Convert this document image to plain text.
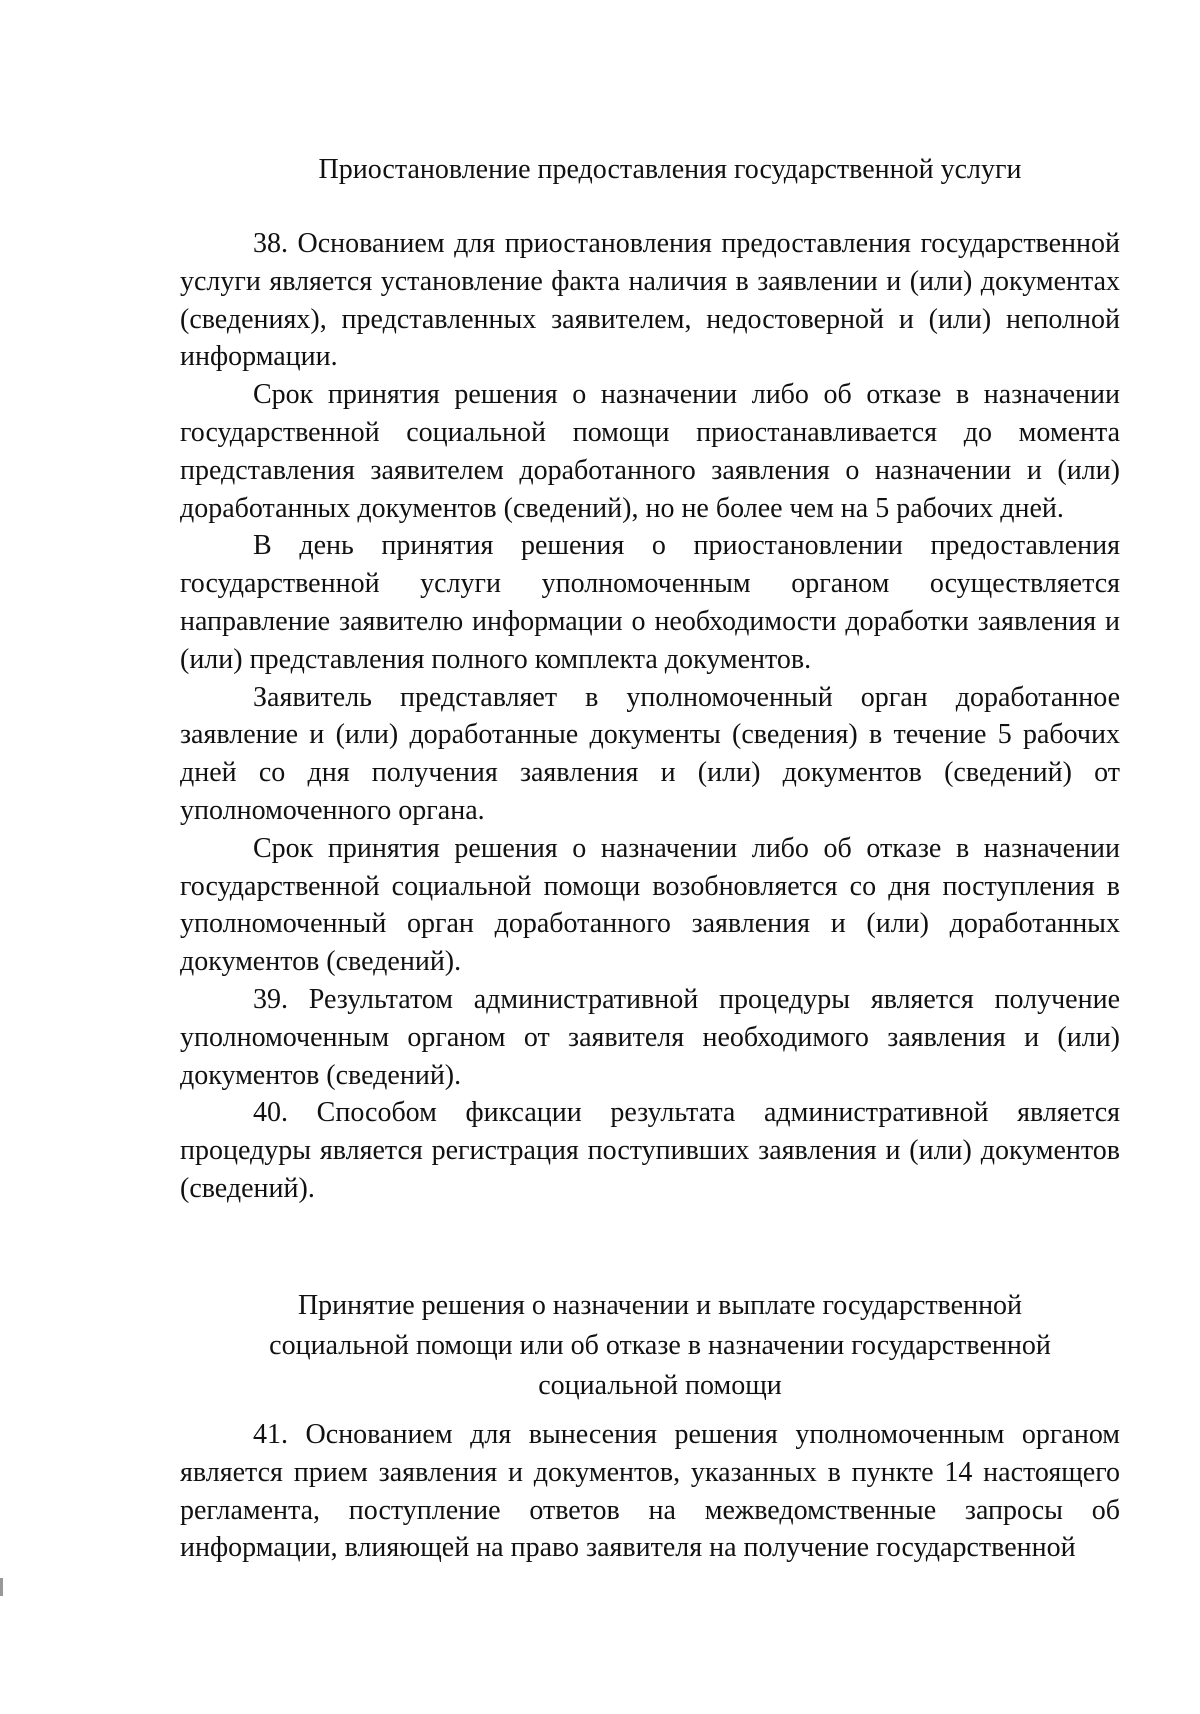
Приостановление предоставления государственной услуги

38. Основанием для приостановления предоставления государственной услуги является установление факта наличия в заявлении и (или) документах (сведениях), представленных заявителем, недостоверной и (или) неполной информации.

Срок принятия решения о назначении либо об отказе в назначении государственной социальной помощи приостанавливается до момента представления заявителем доработанного заявления о назначении и (или) доработанных документов (сведений), но не более чем на 5 рабочих дней.

В день принятия решения о приостановлении предоставления государственной услуги уполномоченным органом осуществляется направление заявителю информации о необходимости доработки заявления и (или) представления полного комплекта документов.

Заявитель представляет в уполномоченный орган доработанное заявление и (или) доработанные документы (сведения) в течение 5 рабочих дней со дня получения заявления и (или) документов (сведений) от уполномоченного органа.

Срок принятия решения о назначении либо об отказе в назначении государственной социальной помощи возобновляется со дня поступления в уполномоченный орган доработанного заявления и (или) доработанных документов (сведений).

39. Результатом административной процедуры является получение уполномоченным органом от заявителя необходимого заявления и (или) документов (сведений).

40. Способом фиксации результата административной является процедуры является регистрация поступивших заявления и (или) документов (сведений).

Принятие решения о назначении и выплате государственной
социальной помощи или об отказе в назначении государственной
социальной помощи

41. Основанием для вынесения решения уполномоченным органом является прием заявления и документов, указанных в пункте 14 настоящего регламента, поступление ответов на межведомственные запросы об информации, влияющей на право заявителя на получение государственной
